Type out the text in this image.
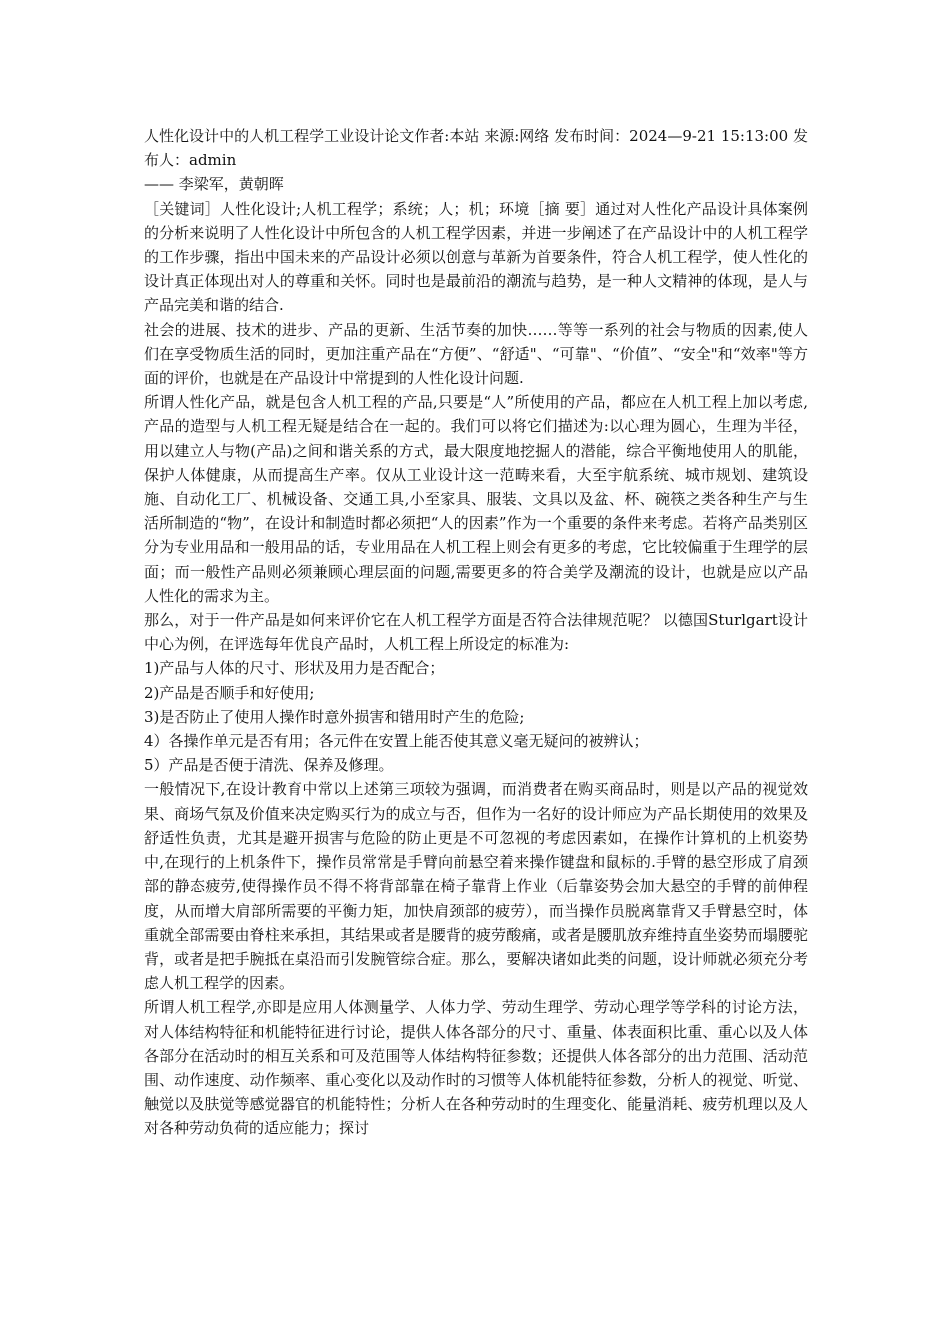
人性化设计中的人机工程学工业设计论文作者:本站 来源:网络 发布时间：2024—9-21 15:13:00 发布人：admin

—— 李梁军，黄朝晖

［关键词］人性化设计;人机工程学；系统；人；机；环境［摘 要］通过对人性化产品设计具体案例的分析来说明了人性化设计中所包含的人机工程学因素，并进一步阐述了在产品设计中的人机工程学的工作步骤，指出中国未来的产品设计必须以创意与革新为首要条件，符合人机工程学，使人性化的设计真正体现出对人的尊重和关怀。同时也是最前沿的潮流与趋势，是一种人文精神的体现，是人与产品完美和谐的结合.

社会的进展、技术的进步、产品的更新、生活节奏的加快……等等一系列的社会与物质的因素,使人们在享受物质生活的同时，更加注重产品在“方便”、“舒适"、“可靠"、“价值”、“安全"和“效率"等方面的评价，也就是在产品设计中常提到的人性化设计问题.

所谓人性化产品，就是包含人机工程的产品,只要是“人”所使用的产品，都应在人机工程上加以考虑,产品的造型与人机工程无疑是结合在一起的。我们可以将它们描述为:以心理为圆心，生理为半径，用以建立人与物(产品)之间和谐关系的方式，最大限度地挖掘人的潜能，综合平衡地使用人的肌能，保护人体健康，从而提高生产率。仅从工业设计这一范畴来看，大至宇航系统、城市规划、建筑设施、自动化工厂、机械设备、交通工具,小至家具、服装、文具以及盆、杯、碗筷之类各种生产与生活所制造的“物”，在设计和制造时都必须把“人的因素”作为一个重要的条件来考虑。若将产品类别区分为专业用品和一般用品的话，专业用品在人机工程上则会有更多的考虑，它比较偏重于生理学的层面；而一般性产品则必须兼顾心理层面的问题,需要更多的符合美学及潮流的设计，也就是应以产品人性化的需求为主。

那么，对于一件产品是如何来评价它在人机工程学方面是否符合法律规范呢？ 以德国Sturlgart设计中心为例，在评选每年优良产品时，人机工程上所设定的标准为:

1)产品与人体的尺寸、形状及用力是否配合；

2)产品是否顺手和好使用;

3)是否防止了使用人操作时意外损害和错用时产生的危险;

4）各操作单元是否有用；各元件在安置上能否使其意义毫无疑问的被辨认；

5）产品是否便于清洗、保养及修理。

一般情况下,在设计教育中常以上述第三项较为强调，而消费者在购买商品时，则是以产品的视觉效果、商场气氛及价值来决定购买行为的成立与否，但作为一名好的设计师应为产品长期使用的效果及舒适性负责，尤其是避开损害与危险的防止更是不可忽视的考虑因素如，在操作计算机的上机姿势中,在现行的上机条件下，操作员常常是手臂向前悬空着来操作键盘和鼠标的.手臂的悬空形成了肩颈部的静态疲劳,使得操作员不得不将背部靠在椅子靠背上作业（后靠姿势会加大悬空的手臂的前伸程度，从而增大肩部所需要的平衡力矩，加快肩颈部的疲劳），而当操作员脱离靠背又手臂悬空时，体重就全部需要由脊柱来承担，其结果或者是腰背的疲劳酸痛，或者是腰肌放弃维持直坐姿势而塌腰驼背，或者是把手腕抵在桌沿而引发腕管综合症。那么，要解决诸如此类的问题，设计师就必须充分考虑人机工程学的因素。

所谓人机工程学,亦即是应用人体测量学、人体力学、劳动生理学、劳动心理学等学科的讨论方法，对人体结构特征和机能特征进行讨论，提供人体各部分的尺寸、重量、体表面积比重、重心以及人体各部分在活动时的相互关系和可及范围等人体结构特征参数；还提供人体各部分的出力范围、活动范围、动作速度、动作频率、重心变化以及动作时的习惯等人体机能特征参数，分析人的视觉、听觉、触觉以及肤觉等感觉器官的机能特性；分析人在各种劳动时的生理变化、能量消耗、疲劳机理以及人对各种劳动负荷的适应能力；探讨
